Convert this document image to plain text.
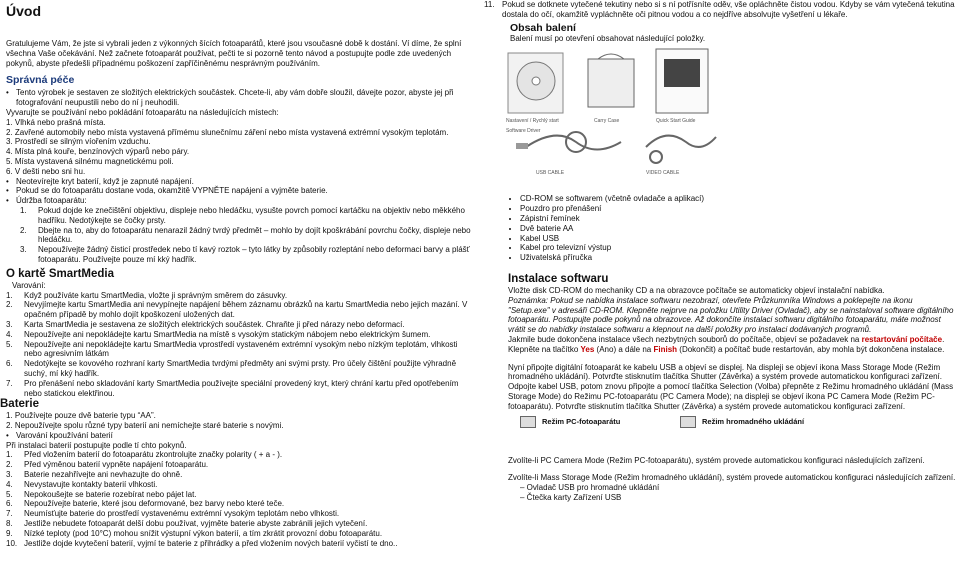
Úvod

Gratulujeme Vám, že jste si vybrali jeden z výkonných šících fotoaparátů, které jsou vsoučasné době k dostání. Ví díme, že splní všechna Vaše očekávání. Než začnete fotoaparát používat, pečti te si pozorně tento návod a postupujte podle zde uvedených pokynů, abyste předešli případnému poškození zapříčiněnému nesprávným používáním.

Správná péče
• Tento výrobek je sestaven ze složitých elektrických součástek. Chcete-li, aby vám dobře sloužil, dávejte pozor, abyste jej při fotografování neupustili nebo do ní j neuhodili.
Vyvarujte se používání nebo pokládání fotoaparátu na následujících místech:
1. Vlhká nebo prašná místa.
2. Zavřené automobily nebo místa vystavená přímému slunečnímu záření nebo místa vystavená extrémní vysokým teplotám.
3. Prostředí se silným víořením vzduchu.
4. Místa plná kouře, benzínových výparů nebo páry.
5. Místa vystavená silnému magnetickému poli.
6. V dešti nebo sni hu.
• Neotevírejte kryt baterií, když je zapnuté napájení.
• Pokud se do fotoaparátu dostane voda, okamžitě VYPNĚTE napájení a vyjměte baterie.
• Údržba fotoaparátu:
1.	Pokud dojde ke znečištění objektivu, displeje nebo hledáčku, vysušte povrch pomocí kartáčku na objektiv nebo měkkého hadříku. Nedotýkejte se čočky prsty.
2.	Dbejte na to, aby do fotoaparátu nenarazil žádný tvrdý předmět – mohlo by dojít kpoškrábání povrchu čočky, displeje nebo hledáčku.
3.	Nepoužívejte žádný čisticí prostředek nebo tí kavý roztok – tyto látky by způsobily rozleptání nebo deformaci barvy a plášť fotoaparátu. Používejte pouze mí kký hadřík.
O kartě SmartMedia
Varování:
1.	Když používáte kartu SmartMedia, vložte ji správným směrem do zásuvky.
2.	Nevyjímejte kartu SmartMedia ani nevypínejte napájení během záznamu obrázků na kartu SmartMedia nebo jejich mazání. V opačném případě by mohlo dojít kpoškození uložených dat.
3.	Karta SmartMedia je sestavena ze složitých elektrických součástek. Chraňte ji před nárazy nebo deformací.
4.	Nepoužívejte ani nepokládejte kartu SmartMedia na místě s vysokým statickým nábojem nebo elektrickým šumem.
5.	Nepoužívejte ani nepokládejte kartu SmartMedia vprostředí vystaveném extrémní vysokým nebo nízkým teplotám, vlhkosti nebo agresivním látkám
6.	Nedotýkejte se kovového rozhraní karty SmartMedia tvrdými předměty ani svými prsty. Pro účely čištění použijte výhradně suchý, mí kký hadřík.
7.	Pro přenášení nebo skladování karty SmartMedia používejte speciální provedený kryt, který chrání kartu před opotřebením nebo statickou elektřinou.
Baterie
1. Používejte pouze dvě baterie typu “AA”.
2. Nepoužívejte spolu různé typy baterií ani nemíchejte staré baterie s novými.
• Varování kpoužívání baterií
Při instalaci baterií postupujte podle tí chto pokynů.
1.	Před vložením baterií do fotoaparátu zkontrolujte značky polarity ( + a - ).
2.	Před výměnou baterií vypněte napájení fotoaparátu.
3.	Baterie nezahřívejte ani nevhazujte do ohně.
4.	Nevystavujte kontakty baterií vlhkosti.
5.	Nepokoušejte se baterie rozebírat nebo pájet lat.
6.	Nepoužívejte baterie, které jsou deformované, bez barvy nebo které teče.
7.	Neumísťujte baterie do prostředí vystavenému extrémní vysokým teplotám nebo vlhkosti.
8.	Jestliže nebudete fotoaparát delší dobu používat, vyjměte baterie abyste zabránili jejich vytečení.
9.	Nízké teploty (pod 10°C) mohou snížit výstupní výkon baterií, a tím zkrátit provozní dobu fotoaparátu.
10. Jestliže dojde kvytečení baterií, vyjmí te baterie z přihrádky a před vložením nových baterií vyčistí te dno..
11. Pokud se dotknete vytečené tekutiny nebo si s ní potřísníte oděv, vše opláchněte čistou vodou. Kdyby se vám vytečená tekutina dostala do očí, okamžitě vypláchněte oči pitnou vodou a co nejdříve absolvujte vyšetření u lékaře.
Obsah balení
Balení musí po otevření obsahovat následující položky.
Nastavení / Rychlý start Software Driver
Carry Case	Quick Start Guide
USB CABLE	VIDEO CABLE
• CD-ROM se softwarem (včetně ovladače a aplikací)
• Pouzdro pro přenášení
• Zápistní řemínek
• Dvě baterie AA
• Kabel USB
• Kabel pro televizní výstup
• Uživatelská příručka
Instalace softwaru
Vložte disk CD-ROM do mechaniky CD a na obrazovce počítače se automaticky objeví instalační nabídka.
Poznámka: Pokud se nabídka instalace softwaru nezobrazí, otevřete Průzkumníka Windows a poklepejte na ikonu "Setup.exe" v adresáři CD-ROM. Klepněte nejprve na položku Utility Driver (Ovladač), aby se nainstaloval software digitálního fotoaparátu. Postupujte podle pokynů na obrazovce. Až dokončíte instalaci softwaru digitálního fotoaparátu, máte možnost vrátit se do nabídky instalace softwaru a klepnout na další položky pro instalaci dodávaných programů.
Jakmile bude dokončena instalace všech nezbytných souborů do počítače, objeví se požadavek na restartování počítače. Klepněte na tlačítko Yes (Ano) a dále na Finish (Dokončit) a počítač bude restartován, aby mohla být dokončena instalace.
Nyní připojte digitální fotoaparát ke kabelu USB a objeví se displej. Na displeji se objeví ikona Mass Storage Mode (Režim hromadného ukládání). Potvrďte stisknutím tlačítka Shutter (Závěrka) a systém provede automatickou konfiguraci zařízení. Odpojte kabel USB, potom znovu připojte a pomocí tlačítka Selection (Volba) přepněte z Režimu hromadného ukládání (Mass Storage Mode) do Režimu PC-fotoaparátu (PC Camera Mode); na displeji se objeví ikona PC Camera Mode (Režim PC-fotoaparátu). Potvrďte stisknutím tlačítka Shutter (Závěrka) a systém provede automatickou konfiguraci zařízení.
Režim PC-fotoaparátu	Režim hromadného ukládání
Zvolíte-li PC Camera Mode (Režim PC-fotoaparátu), systém provede automatickou konfiguraci následujících zařízení.
Zvolíte-li Mass Storage Mode (Režim hromadného ukládání), systém provede automatickou konfiguraci následujících zařízení.
– Ovladač USB pro hromadné ukládání
– Čtečka karty Zařízení USB
